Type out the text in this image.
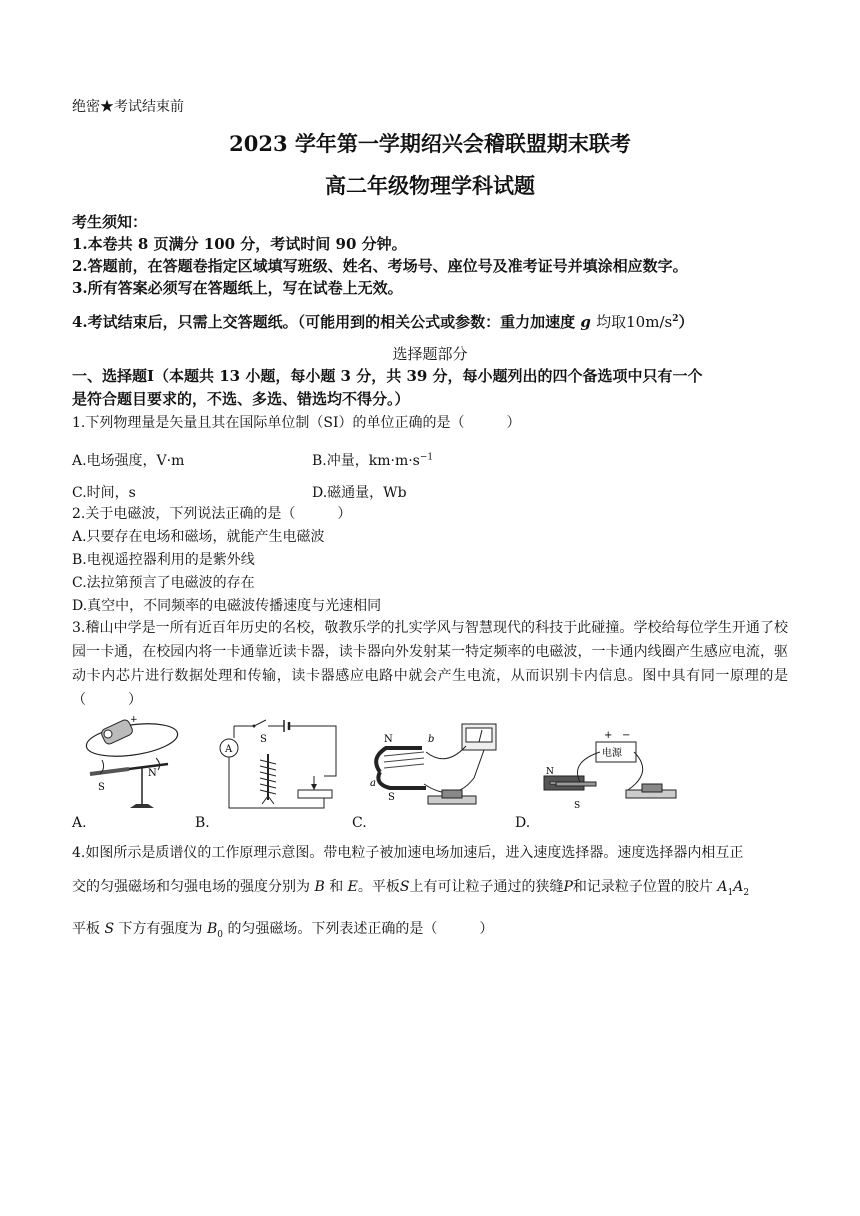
绝密★考试结束前
2023 学年第一学期绍兴会稽联盟期末联考
高二年级物理学科试题
考生须知：
1.本卷共 8 页满分 100 分，考试时间 90 分钟。
2.答题前，在答题卷指定区域填写班级、姓名、考场号、座位号及准考证号并填涂相应数字。
3.所有答案必须写在答题纸上，写在试卷上无效。
4.考试结束后，只需上交答题纸。（可能用到的相关公式或参数：重力加速度 g 均取$10m/s^2$）
选择题部分
一、选择题Ⅰ（本题共 13 小题，每小题 3 分，共 39 分，每小题列出的四个备选项中只有一个
是符合题目要求的，不选、多选、错选均不得分。）
1.下列物理量是矢量且其在国际单位制（SI）的单位正确的是（　　　）
A.电场强度，V·m	B.冲量，$km\cdot m\cdot s^{-1}$
C.时间，s	D.磁通量，Wb
2.关于电磁波，下列说法正确的是（　　　）
A.只要存在电场和磁场，就能产生电磁波
B.电视遥控器利用的是紫外线
C.法拉第预言了电磁波的存在
D.真空中，不同频率的电磁波传播速度与光速相同
3.稽山中学是一所有近百年历史的名校，敬教乐学的扎实学风与智慧现代的科技于此碰撞。学校给每位学生开通了校园一卡通，在校园内将一卡通靠近读卡器，读卡器向外发射某一特定频率的电磁波，一卡通内线圈产生感应电流，驱动卡内芯片进行数据处理和传输，读卡器感应电路中就会产生电流，从而识别卡内信息。图中具有同一原理的是（　　　）
+
S
N
A.
A
S
B.
N	b
a
S
C.
电源
+ −
N
S
D.
4.如图所示是质谱仪的工作原理示意图。带电粒子被加速电场加速后，进入速度选择器。速度选择器内相互正
交的匀强磁场和匀强电场的强度分别为 B 和 E。平板S上有可让粒子通过的狭缝P和记录粒子位置的胶片 $A_1A_2$
平板 S 下方有强度为 $B_0$ 的匀强磁场。下列表述正确的是（　　　）
